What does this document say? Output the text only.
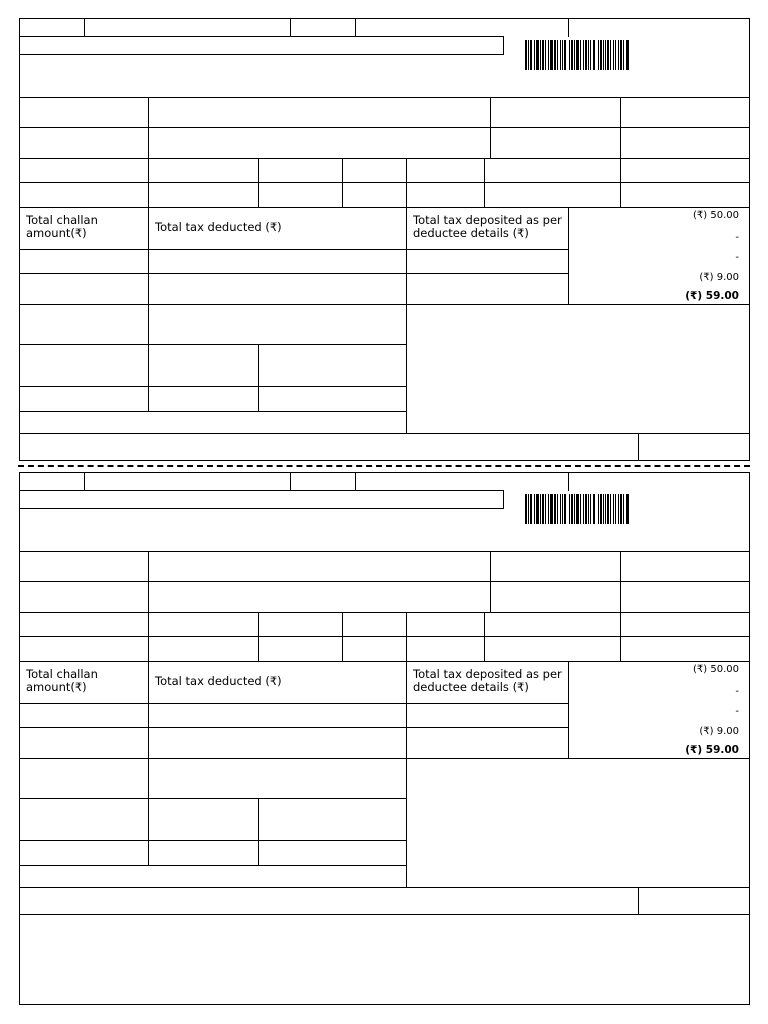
Total challan amount(₹)	Total tax deducted (₹)	Total tax deposited as per deductee details (₹)
(₹) 50.00
-
-
(₹) 9.00
(₹) 59.00
Total challan amount(₹)	Total tax deducted (₹)	Total tax deposited as per deductee details (₹)
(₹) 50.00
-
-
(₹) 9.00
(₹) 59.00
